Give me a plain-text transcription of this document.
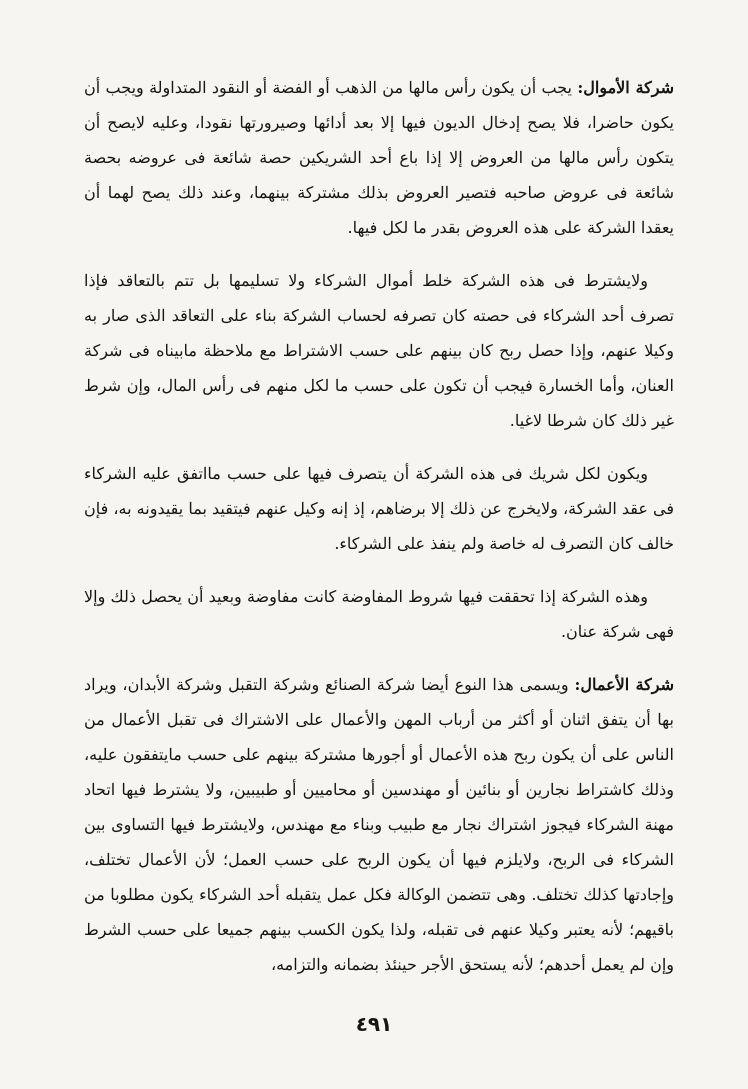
شركة الأموال: يجب أن يكون رأس مالها من الذهب أو الفضة أو النقود المتداولة ويجب أن يكون حاضرا، فلا يصح إدخال الديون فيها إلا بعد أدائها وصيرورتها نقودا، وعليه لايصح أن يتكون رأس مالها من العروض إلا إذا باع أحد الشريكين حصة شائعة فى عروضه بحصة شائعة فى عروض صاحبه فتصير العروض بذلك مشتركة بينهما، وعند ذلك يصح لهما أن يعقدا الشركة على هذه العروض بقدر ما لكل فيها.

ولايشترط فى هذه الشركة خلط أموال الشركاء ولا تسليمها بل تتم بالتعاقد فإذا تصرف أحد الشركاء فى حصته كان تصرفه لحساب الشركة بناء على التعاقد الذى صار به وكيلا عنهم، وإذا حصل ربح كان بينهم على حسب الاشتراط مع ملاحظة مابيناه فى شركة العنان، وأما الخسارة فيجب أن تكون على حسب ما لكل منهم فى رأس المال، وإن شرط غير ذلك كان شرطا لاغيا.

ويكون لكل شريك فى هذه الشركة أن يتصرف فيها على حسب مااتفق عليه الشركاء فى عقد الشركة، ولايخرج عن ذلك إلا برضاهم، إذ إنه وكيل عنهم فيتقيد بما يقيدونه به، فإن خالف كان التصرف له خاصة ولم ينفذ على الشركاء.

وهذه الشركة إذا تحققت فيها شروط المفاوضة كانت مفاوضة وبعيد أن يحصل ذلك وإلا فهى شركة عنان.

شركة الأعمال: ويسمى هذا النوع أيضا شركة الصنائع وشركة التقبل وشركة الأبدان، ويراد بها أن يتفق اثنان أو أكثر من أرباب المهن والأعمال على الاشتراك فى تقبل الأعمال من الناس على أن يكون ربح هذه الأعمال أو أجورها مشتركة بينهم على حسب مايتفقون عليه، وذلك كاشتراط نجارين أو بنائين أو مهندسين أو محاميين أو طبيبين، ولا يشترط فيها اتحاد مهنة الشركاء فيجوز اشتراك نجار مع طبيب وبناء مع مهندس، ولايشترط فيها التساوى بين الشركاء فى الربح، ولايلزم فيها أن يكون الربح على حسب العمل؛ لأن الأعمال تختلف، وإجادتها كذلك تختلف. وهى تتضمن الوكالة فكل عمل يتقبله أحد الشركاء يكون مطلوبا من باقيهم؛ لأنه يعتبر وكيلا عنهم فى تقبله، ولذا يكون الكسب بينهم جميعا على حسب الشرط وإن لم يعمل أحدهم؛ لأنه يستحق الأجر حينئذ بضمانه والتزامه،

٤٩١
